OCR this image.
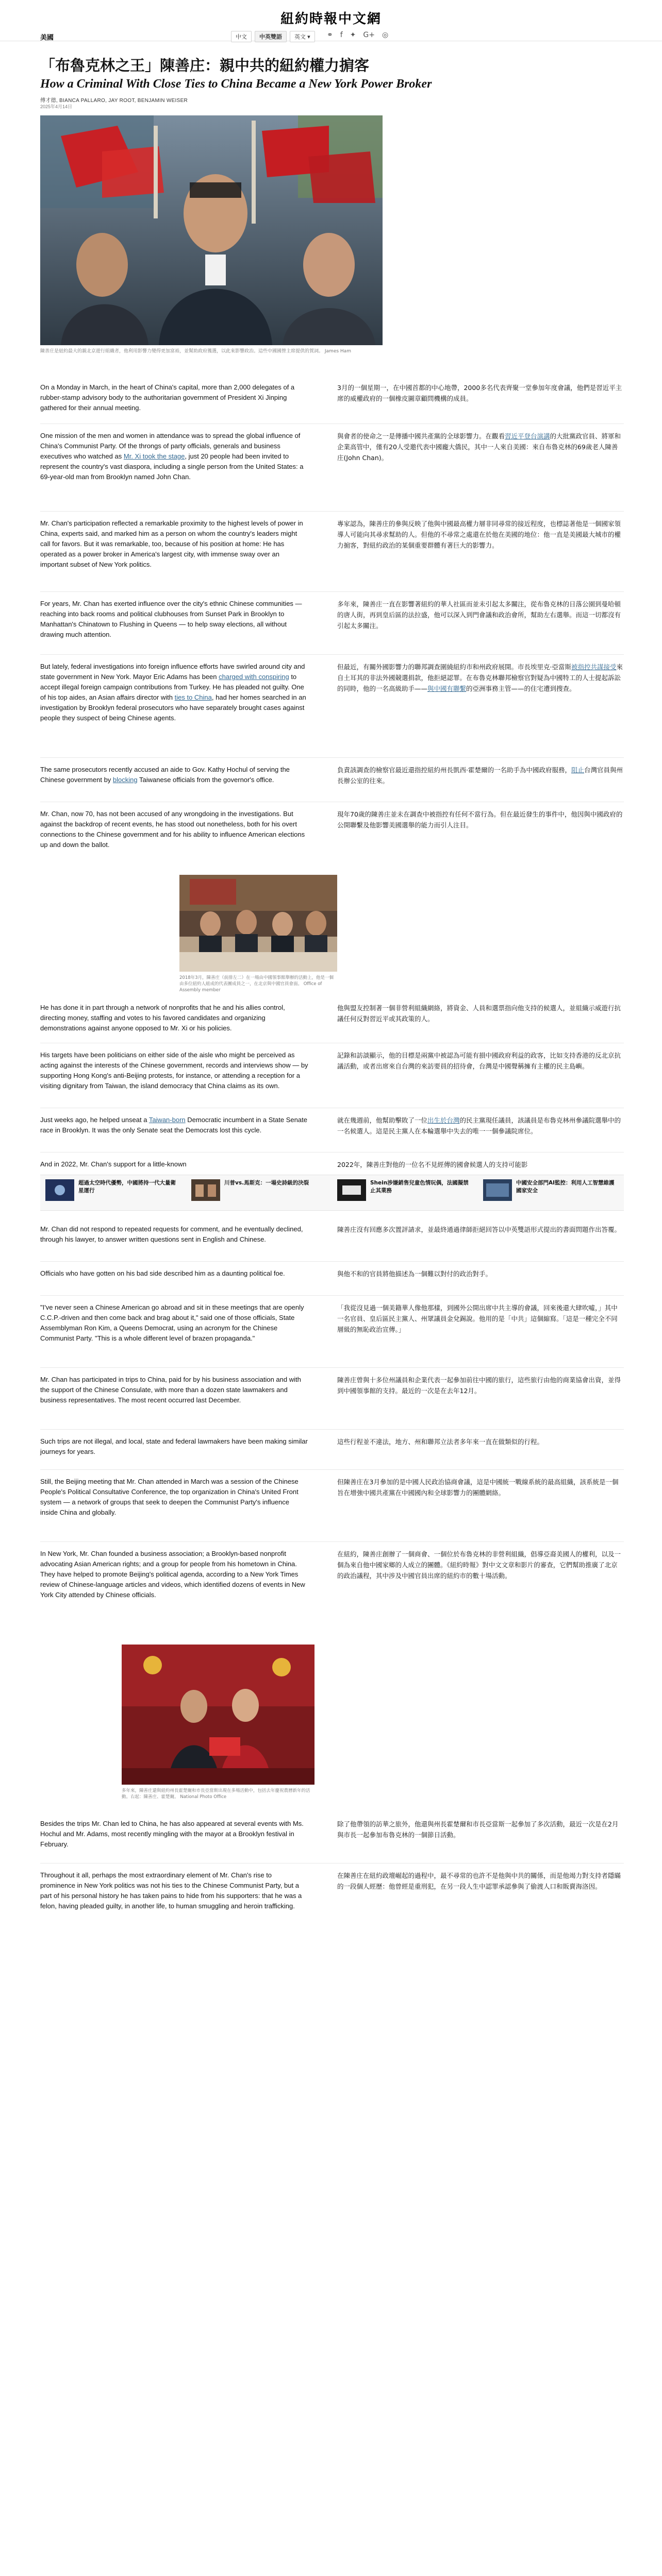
紐約時報中文網
美國	中文	中英雙語	英文 ▾	⚭ f ✦ G+ ◎
「布魯克林之王」陳善庄：親中共的紐約權力掮客
How a Criminal With Close Ties to China Became a New York Power Broker
傅才德, BIANCA PALLARO, JAY ROOT, BENJAMIN WEISER
2025年4月14日
陳善庄是紐約最大的親北京遊行組織者，他利用影響力變得更加富裕，並幫助政府獲選，以此來影響政治。這些中國國營主席提供的賀詞。 James Ham

On a Monday in March, in the heart of China's capital, more than 2,000 delegates of a rubber-stamp advisory body to the authoritarian government of President Xi Jinping gathered for their annual meeting.

3月的一個星期一，在中國首都的中心地帶，2000多名代表齊聚一堂參加年度會議，他們是習近平主席的威權政府的一個橡皮圖章顧問機構的成員。

One mission of the men and women in attendance was to spread the global influence of China's Communist Party. Of the throngs of party officials, generals and business executives who watched as Mr. Xi took the stage, just 20 people had been invited to represent the country's vast diaspora, including a single person from the United States: a 69-year-old man from Brooklyn named John Chan.

與會者的使命之一是傳播中國共產黨的全球影響力。在觀看習近平登台演講的大批黨政官員、將軍和企業高管中，僅有20人受邀代表中國龐大僑民，其中一人來自美國：來自布魯克林的69歲老人陳善庄(John Chan)。

Mr. Chan's participation reflected a remarkable proximity to the highest levels of power in China, experts said, and marked him as a person on whom the country's leaders might call for favors. But it was remarkable, too, because of his position at home: He has operated as a power broker in America's largest city, with immense sway over an important subset of New York politics.

專家認為，陳善庄的參與反映了他與中國最高權力層非同尋常的接近程度，也標誌著他是一個國家領導人可能向其尋求幫助的人。但他的不尋常之處還在於他在美國的地位：他一直是美國最大城市的權力掮客，對紐約政治的某個重要群體有著巨大的影響力。

For years, Mr. Chan has exerted influence over the city's ethnic Chinese communities — reaching into back rooms and political clubhouses from Sunset Park in Brooklyn to Manhattan's Chinatown to Flushing in Queens — to help sway elections, all without drawing much attention.

多年來，陳善庄一直在影響著紐約的華人社區而並未引起太多關注，從布魯克林的日落公園到曼哈頓的唐人街，再到皇后區的法拉盛，他可以深入到門會議和政治會所，幫助左右選舉。而這一切都沒有引起太多關注。

But lately, federal investigations into foreign influence efforts have swirled around city and state government in New York. Mayor Eric Adams has been charged with conspiring to accept illegal foreign campaign contributions from Turkey. He has pleaded not guilty. One of his top aides, an Asian affairs director with ties to China, had her homes searched in an investigation by Brooklyn federal prosecutors who have separately brought cases against people they suspect of being Chinese agents.

但最近，有關外國影響力的聯邦調查圍繞紐約市和州政府展開。市長埃里克·亞當斯被指控共謀接受來自土耳其的非法外國競選捐款，他拒絕認罪。在布魯克林聯邦檢察官對疑為中國特工的人士提起訴訟的同時，他的一名高級助手——與中國有聯繫的亞洲事務主管——的住宅遭到搜查。

The same prosecutors recently accused an aide to Gov. Kathy Hochul of serving the Chinese government by blocking Taiwanese officials from the governor's office.

負責該調查的檢察官最近還指控紐約州長凱西·霍楚爾的一名助手為中國政府服務，阻止台灣官員與州長辦公室的往來。

Mr. Chan, now 70, has not been accused of any wrongdoing in the investigations. But against the backdrop of recent events, he has stood out nonetheless, both for his overt connections to the Chinese government and for his ability to influence American elections up and down the ballot.

現年70歲的陳善庄並未在調查中被指控有任何不當行為。但在最近發生的事件中，他因與中國政府的公開聯繫及他影響美國選舉的能力而引人注目。

2018年3月，陳善庄（前排左二）在一場由中國領事館舉辦的活動上，他是一個由多位紐約人組成的代表團成員之一，在北京與中國官員會面。 Office of Assembly member

He has done it in part through a network of nonprofits that he and his allies control, directing money, staffing and votes to his favored candidates and organizing demonstrations against anyone opposed to Mr. Xi or his policies.

他與盟友控制著一個非營利組織網絡，將資金、人員和選票指向他支持的候選人，並組織示威遊行抗議任何反對習近平或其政策的人。

His targets have been politicians on either side of the aisle who might be perceived as acting against the interests of the Chinese government, records and interviews show — by supporting Hong Kong's anti-Beijing protests, for instance, or attending a reception for a visiting dignitary from Taiwan, the island democracy that China claims as its own.

記錄和訪談顯示，他的目標是兩黨中被認為可能有損中國政府利益的政客，比如支持香港的反北京抗議活動，或者出席來自台灣的來訪要員的招待會，台灣是中國聲稱擁有主權的民主島嶼。

Just weeks ago, he helped unseat a Taiwan-born Democratic incumbent in a State Senate race in Brooklyn. It was the only Senate seat the Democrats lost this cycle.

就在幾週前，他幫助擊敗了一位出生於台灣的民主黨現任議員，該議員是布魯克林州參議院選舉中的一名候選人。這是民主黨人在本輪選舉中失去的唯一一個參議院席位。

And in 2022, Mr. Chan's support for a little-known	2022年，陳善庄對他的一位名不見經傳的國會候選人的支持可能影

超過太空時代優勢，中國將持一代大量衛星運行
川普vs.馬斯克：一場史詩級的決裂	Shein涉嫌銷售兒童色情玩偶，法國擬禁止其業務
中國安全部門AI監控：利用人工智慧維護國家安全

Mr. Chan did not respond to repeated requests for comment, and he eventually declined, through his lawyer, to answer written questions sent in English and Chinese.

陳善庄沒有回應多次置評請求，並最終通過律師拒絕回答以中英雙語形式提出的書面問題作出答覆。

Officials who have gotten on his bad side described him as a daunting political foe.	與他不和的官員將他描述為一個難以對付的政治對手。

"I've never seen a Chinese American go abroad and sit in these meetings that are openly C.C.P.-driven and then come back and brag about it," said one of those officials, State Assemblyman Ron Kim, a Queens Democrat, using an acronym for the Chinese Communist Party. "This is a whole different level of brazen propaganda."

「我從沒見過一個美籍華人像他那樣，到國外公開出席中共主導的會議，回來後還大肆吹噓，」其中一名官員、皇后區民主黨人、州眾議員金兌錫說。他用的是「中共」這個縮寫。「這是一種完全不同層級的無恥政治宣傳。」

Mr. Chan has participated in trips to China, paid for by his business association and with the support of the Chinese Consulate, with more than a dozen state lawmakers and business representatives. The most recent occurred last December.

陳善庄曾與十多位州議員和企業代表一起參加前往中國的旅行，這些旅行由他的商業協會出資，並得到中國領事館的支持。最近的一次是在去年12月。

Such trips are not illegal, and local, state and federal lawmakers have been making similar journeys for years.

這些行程並不違法，地方、州和聯邦立法者多年來一直在做類似的行程。

Still, the Beijing meeting that Mr. Chan attended in March was a session of the Chinese People's Political Consultative Conference, the top organization in China's United Front system — a network of groups that seek to deepen the Communist Party's influence inside China and globally.

但陳善庄在3月參加的是中國人民政治協商會議，這是中國統一戰線系統的最高組織，該系統是一個旨在增強中國共產黨在中國國內和全球影響力的團體網絡。

In New York, Mr. Chan founded a business association; a Brooklyn-based nonprofit advocating Asian American rights; and a group for people from his hometown in China. They have helped to promote Beijing's political agenda, according to a New York Times review of Chinese-language articles and videos, which identified dozens of events in New York City attended by Chinese officials.

在紐約，陳善庄創辦了一個商會、一個位於布魯克林的非營利組織，倡導亞裔美國人的權利，以及一個為來自他中國家鄉的人成立的團體。《紐約時報》對中文文章和影片的審查，它們幫助推廣了北京的政治議程，其中涉及中國官員出席的紐約市的數十場活動。

多年來，陳善庄還與紐約州長霍楚爾和市長亞當斯出現在多場活動中，包括去年慶祝農曆新年的活動。右起：陳善庄、霍楚爾。 National Photo Office

Besides the trips Mr. Chan led to China, he has also appeared at several events with Ms. Hochul and Mr. Adams, most recently mingling with the mayor at a Brooklyn festival in February.

除了他帶領的訪華之旅外，他還與州長霍楚爾和市長亞當斯一起參加了多次活動，最近一次是在2月與市長一起參加布魯克林的一個節日活動。

Throughout it all, perhaps the most extraordinary element of Mr. Chan's rise to prominence in New York politics was not his ties to the Chinese Communist Party, but a part of his personal history he has taken pains to hide from his supporters: that he was a felon, having pleaded guilty, in another life, to human smuggling and heroin trafficking.

在陳善庄在紐約政壇崛起的過程中，最不尋常的也許不是他與中共的關係，而是他竭力對支持者隱瞞的一段個人經歷：他曾經是重刑犯，在另一段人生中認罪承認參與了偷渡人口和販賣海洛因。
